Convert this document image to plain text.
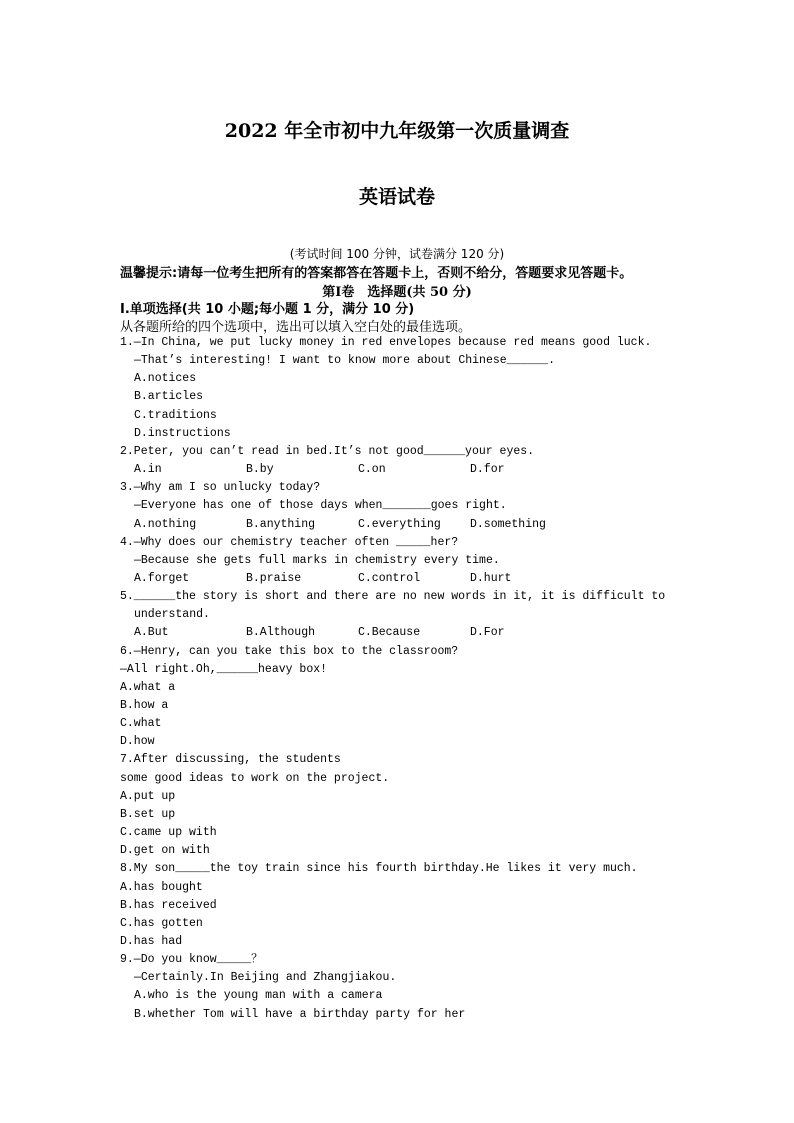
2022 年全市初中九年级第一次质量调查
英语试卷
(考试时间 100 分钟，试卷满分 120 分)
温馨提示:请每一位考生把所有的答案都答在答题卡上，否则不给分，答题要求见答题卡。
第Ⅰ卷　选择题(共 50 分)
Ⅰ.单项选择(共 10 小题;每小题 1 分，满分 10 分)
从各题所给的四个选项中，选出可以填入空白处的最佳选项。
1.—In China, we put lucky money in red envelopes because red means good luck.
—That’s interesting! I want to know more about Chinese______.
A.notices
B.articles
C.traditions
D.instructions
2.Peter, you can’t read in bed.It’s not good______your eyes.
A.in	B.by	C.on	D.for
3.—Why am I so unlucky today?
—Everyone has one of those days when_______goes right.
A.nothing	B.anything	C.everything	D.something
4.—Why does our chemistry teacher often _____her?
—Because she gets full marks in chemistry every time.
A.forget	B.praise	C.control	D.hurt
5.______the story is short and there are no new words in it, it is difficult to
understand.
A.But	B.Although	C.Because	D.For
6.—Henry, can you take this box to the classroom?
—All right.Oh,______heavy box!
A.what a
B.how a
C.what
D.how
7.After discussing, the students
some good ideas to work on the project.
A.put up
B.set up
C.came up with
D.get on with
8.My son_____the toy train since his fourth birthday.He likes it very much.
A.has bought
B.has received
C.has gotten
D.has had
9.—Do you know_____？
—Certainly.In Beijing and Zhangjiakou.
A.who is the young man with a camera
B.whether Tom will have a birthday party for her
